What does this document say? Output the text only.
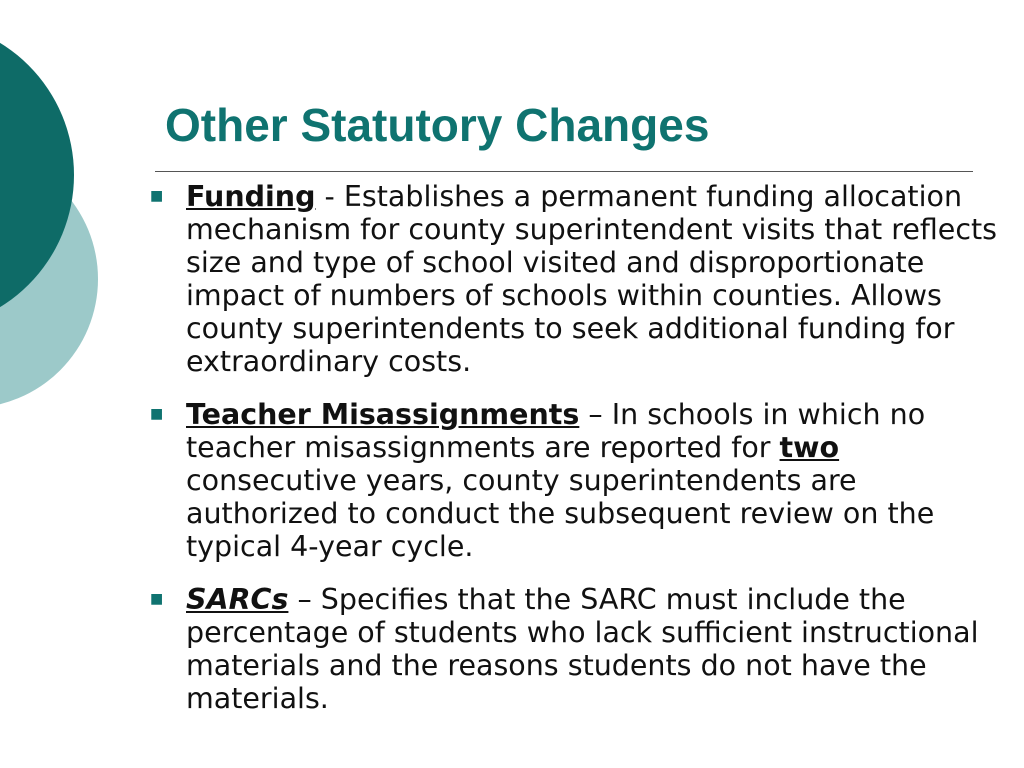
Other Statutory Changes
■ Funding - Establishes a permanent funding allocation mechanism for county superintendent visits that reflects size and type of school visited and disproportionate impact of numbers of schools within counties. Allows county superintendents to seek additional funding for extraordinary costs.
■ Teacher Misassignments – In schools in which no teacher misassignments are reported for two consecutive years, county superintendents are authorized to conduct the subsequent review on the typical 4-year cycle.
■ SARCs – Specifies that the SARC must include the percentage of students who lack sufficient instructional materials and the reasons students do not have the materials.
